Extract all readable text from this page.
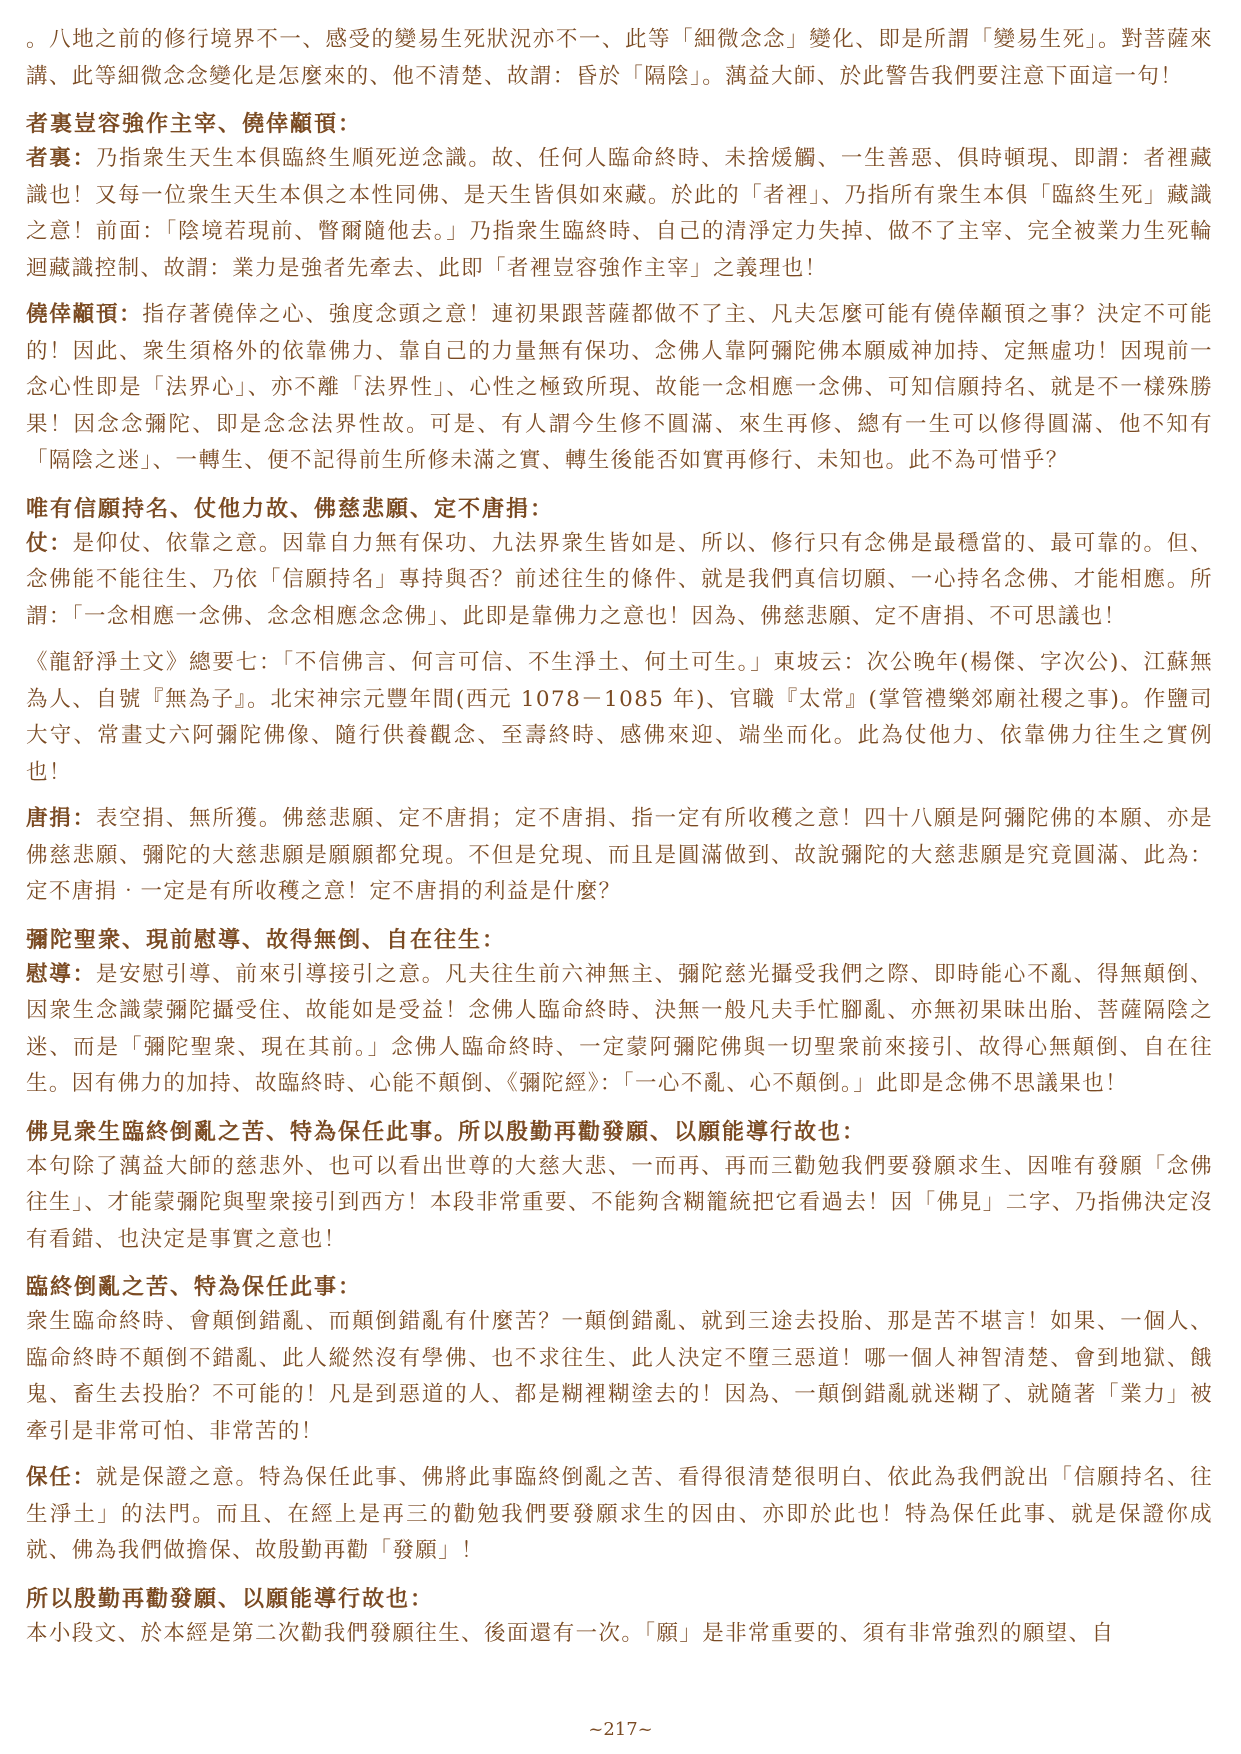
。八地之前的修行境界不一、感受的變易生死狀況亦不一、此等「細微念念」變化、即是所謂「變易生死」。對菩薩來講、此等細微念念變化是怎麼來的、他不清楚、故謂：昏於「隔陰」。蕅益大師、於此警告我們要注意下面這一句！
者裏豈容強作主宰、僥倖顢頇：
者裏：乃指衆生天生本俱臨終生順死逆念識。故、任何人臨命終時、未捨煖觸、一生善惡、俱時頓現、即謂：者裡藏識也！又每一位衆生天生本俱之本性同佛、是天生皆俱如來藏。於此的「者裡」、乃指所有衆生本俱「臨終生死」藏識之意！前面：「陰境若現前、瞥爾隨他去。」乃指衆生臨終時、自己的清淨定力失掉、做不了主宰、完全被業力生死輪迴藏識控制、故謂：業力是強者先牽去、此即「者裡豈容強作主宰」之義理也！
僥倖顢頇：指存著僥倖之心、強度念頭之意！連初果跟菩薩都做不了主、凡夫怎麼可能有僥倖顢頇之事？決定不可能的！因此、衆生須格外的依靠佛力、靠自己的力量無有保功、念佛人靠阿彌陀佛本願威神加持、定無虛功！因現前一念心性即是「法界心」、亦不離「法界性」、心性之極致所現、故能一念相應一念佛、可知信願持名、就是不一樣殊勝果！因念念彌陀、即是念念法界性故。可是、有人謂今生修不圓滿、來生再修、總有一生可以修得圓滿、他不知有「隔陰之迷」、一轉生、便不記得前生所修未滿之實、轉生後能否如實再修行、未知也。此不為可惜乎？
唯有信願持名、仗他力故、佛慈悲願、定不唐捐：
仗：是仰仗、依靠之意。因靠自力無有保功、九法界衆生皆如是、所以、修行只有念佛是最穩當的、最可靠的。但、念佛能不能往生、乃依「信願持名」專持與否？前述往生的條件、就是我們真信切願、一心持名念佛、才能相應。所謂：「一念相應一念佛、念念相應念念佛」、此即是靠佛力之意也！因為、佛慈悲願、定不唐捐、不可思議也！
《龍舒淨土文》總要七：「不信佛言、何言可信、不生淨土、何土可生。」東坡云：次公晚年(楊傑、字次公)、江蘇無為人、自號『無為子』。北宋神宗元豐年間(西元 1078－1085 年)、官職『太常』(掌管禮樂郊廟社稷之事)。作鹽司大守、常畫丈六阿彌陀佛像、隨行供養觀念、至壽終時、感佛來迎、端坐而化。此為仗他力、依靠佛力往生之實例也！
唐捐：表空捐、無所獲。佛慈悲願、定不唐捐；定不唐捐、指一定有所收穫之意！四十八願是阿彌陀佛的本願、亦是佛慈悲願、彌陀的大慈悲願是願願都兌現。不但是兌現、而且是圓滿做到、故說彌陀的大慈悲願是究竟圓滿、此為：定不唐捐‧一定是有所收穫之意！定不唐捐的利益是什麼？
彌陀聖衆、現前慰導、故得無倒、自在往生：
慰導：是安慰引導、前來引導接引之意。凡夫往生前六神無主、彌陀慈光攝受我們之際、即時能心不亂、得無顛倒、因衆生念識蒙彌陀攝受住、故能如是受益！念佛人臨命終時、決無一般凡夫手忙腳亂、亦無初果昧出胎、菩薩隔陰之迷、而是「彌陀聖衆、現在其前。」念佛人臨命終時、一定蒙阿彌陀佛與一切聖衆前來接引、故得心無顛倒、自在往生。因有佛力的加持、故臨終時、心能不顛倒、《彌陀經》：「一心不亂、心不顛倒。」此即是念佛不思議果也！
佛見衆生臨終倒亂之苦、特為保任此事。所以殷勤再勸發願、以願能導行故也：
本句除了蕅益大師的慈悲外、也可以看出世尊的大慈大悲、一而再、再而三勸勉我們要發願求生、因唯有發願「念佛往生」、才能蒙彌陀與聖衆接引到西方！本段非常重要、不能夠含糊籠統把它看過去！因「佛見」二字、乃指佛決定沒有看錯、也決定是事實之意也！
臨終倒亂之苦、特為保任此事：
衆生臨命終時、會顛倒錯亂、而顛倒錯亂有什麼苦？一顛倒錯亂、就到三途去投胎、那是苦不堪言！如果、一個人、臨命終時不顛倒不錯亂、此人縱然沒有學佛、也不求往生、此人決定不墮三惡道！哪一個人神智清楚、會到地獄、餓鬼、畜生去投胎？不可能的！凡是到惡道的人、都是糊裡糊塗去的！因為、一顛倒錯亂就迷糊了、就隨著「業力」被牽引是非常可怕、非常苦的！
保任：就是保證之意。特為保任此事、佛將此事臨終倒亂之苦、看得很清楚很明白、依此為我們說出「信願持名、往生淨土」的法門。而且、在經上是再三的勸勉我們要發願求生的因由、亦即於此也！特為保任此事、就是保證你成就、佛為我們做擔保、故殷勤再勸「發願」！
所以殷勤再勸發願、以願能導行故也：
本小段文、於本經是第二次勸我們發願往生、後面還有一次。「願」是非常重要的、須有非常強烈的願望、自
~217~
